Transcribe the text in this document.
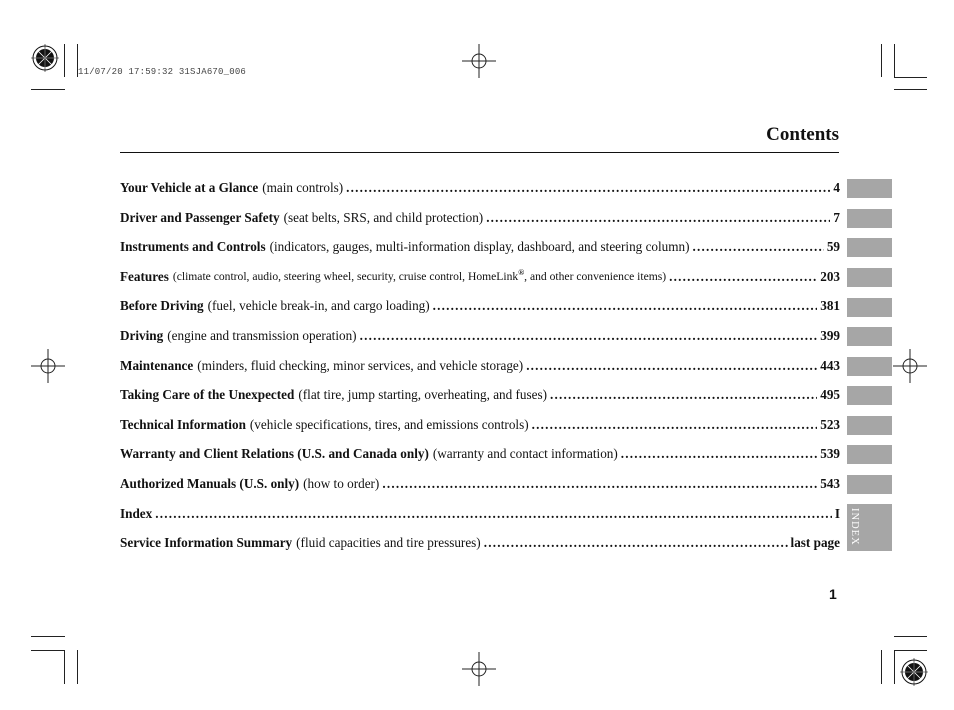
11/07/20 17:59:32 31SJA670_006
Contents
Your Vehicle at a Glance (main controls) .....	4
Driver and Passenger Safety (seat belts, SRS, and child protection) .....	7
Instruments and Controls (indicators, gauges, multi-information display, dashboard, and steering column) .....	59
Features (climate control, audio, steering wheel, security, cruise control, HomeLink®, and other convenience items) .....	203
Before Driving (fuel, vehicle break-in, and cargo loading) .....	381
Driving (engine and transmission operation) .....	399
Maintenance (minders, fluid checking, minor services, and vehicle storage) .....	443
Taking Care of the Unexpected (flat tire, jump starting, overheating, and fuses) .....	495
Technical Information (vehicle specifications, tires, and emissions controls) .....	523
Warranty and Client Relations (U.S. and Canada only) (warranty and contact information) .....	539
Authorized Manuals (U.S. only) (how to order) .....	543
Index .....	I
Service Information Summary (fluid capacities and tire pressures) .....	last page INDEX
1
